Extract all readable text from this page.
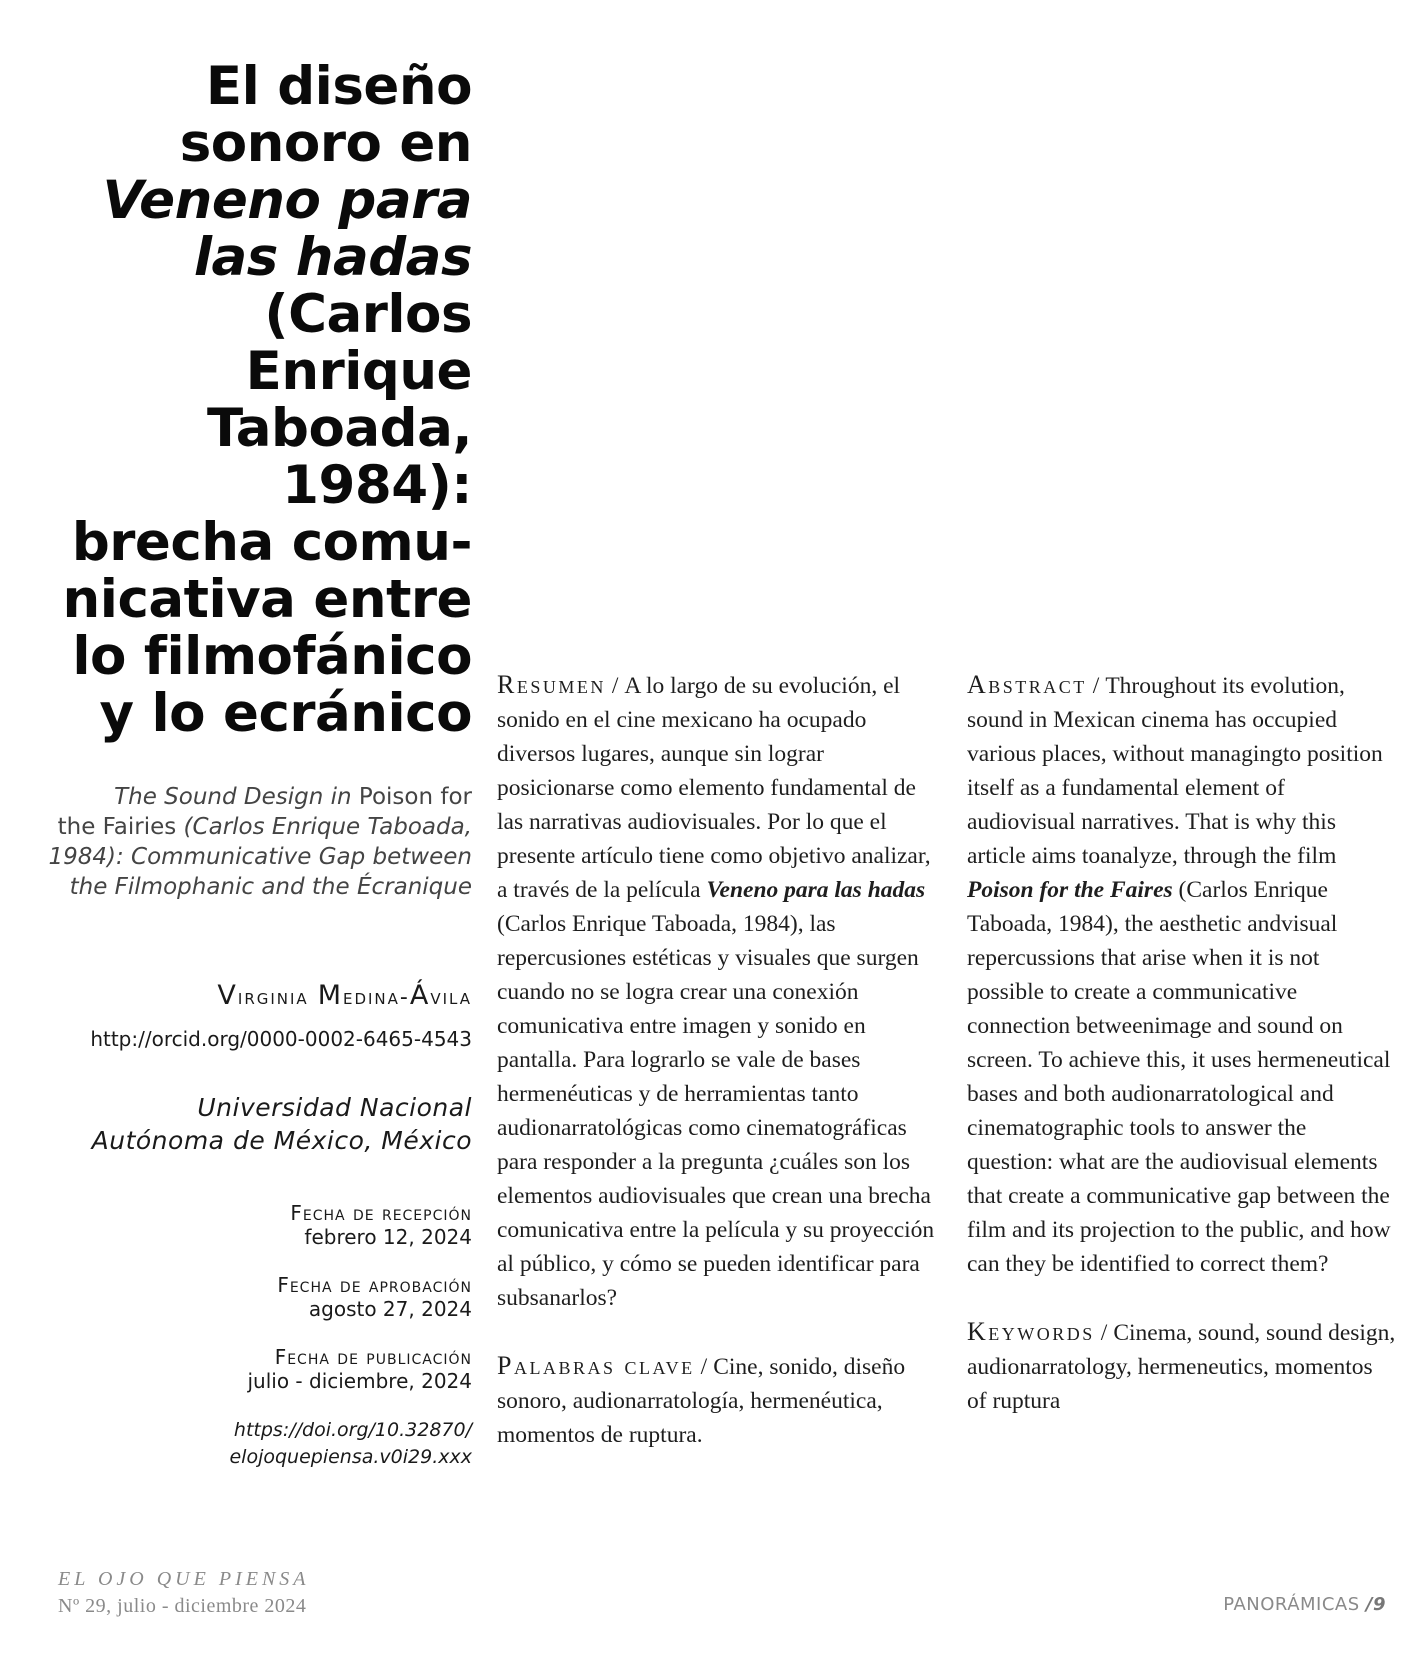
El diseño
sonoro en
Veneno para
las hadas
(Carlos Enrique
Taboada, 1984):
brecha comu-
nicativa entre
lo filmofánico
y lo ecránico
The Sound Design in Poison for
the Fairies (Carlos Enrique Taboada,
1984): Communicative Gap between
the Filmophanic and the Écranique
Virginia Medina-Ávila
http://orcid.org/0000-0002-6465-4543
Universidad Nacional
Autónoma de México, México
Fecha de recepción
febrero 12, 2024
Fecha de aprobación
agosto 27, 2024
Fecha de publicación
julio - diciembre, 2024
https://doi.org/10.32870/
elojoquepiensa.v0i29.xxx
Resumen / A lo largo de su evolución, el sonido en el cine mexicano ha ocupado diversos lugares, aunque sin lograr posicionarse como elemento fundamental de las narrativas audiovisuales. Por lo que el presente artículo tiene como objetivo analizar, a través de la película Veneno para las hadas (Carlos Enrique Taboada, 1984), las repercusiones estéticas y visuales que surgen cuando no se logra crear una conexión comunicativa entre imagen y sonido en pantalla. Para lograrlo se vale de bases hermenéuticas y de herramientas tanto audionarratológicas como cinematográficas para responder a la pregunta ¿cuáles son los elementos audiovisuales que crean una brecha comunicativa entre la película y su proyección al público, y cómo se pueden identificar para subsanarlos?
Palabras clave / Cine, sonido, diseño sonoro, audionarratología, hermenéutica, momentos de ruptura.
Abstract / Throughout its evolution, sound in Mexican cinema has occupied various places, without managingto position itself as a fundamental element of audiovisual narratives. That is why this article aims toanalyze, through the film Poison for the Faires (Carlos Enrique Taboada, 1984), the aesthetic andvisual repercussions that arise when it is not possible to create a communicative connection betweenimage and sound on screen. To achieve this, it uses hermeneutical bases and both audionarratological and cinematographic tools to answer the question: what are the audiovisual elements that create a communicative gap between the film and its projection to the public, and how can they be identified to correct them?
Keywords / Cinema, sound, sound design, audionarratology, hermeneutics, momentos of ruptura
EL OJO QUE PIENSA
Nº 29, julio - diciembre 2024	PANORÁMICAS /9
